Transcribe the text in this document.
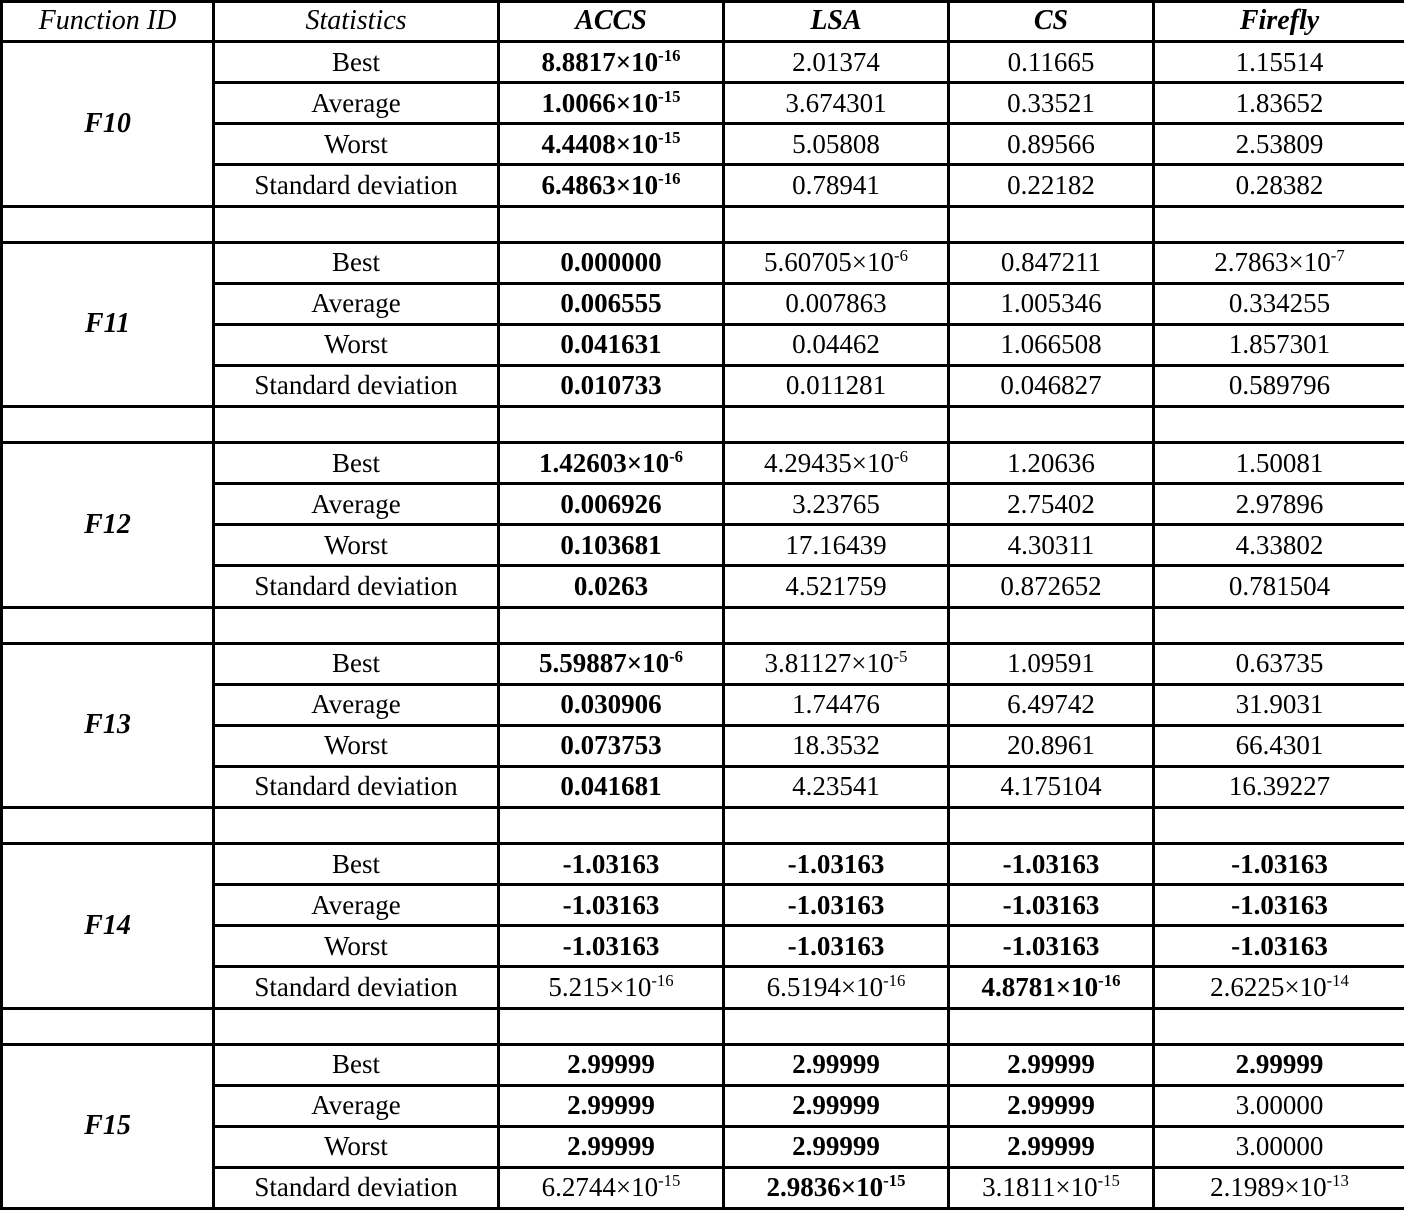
Function ID	Statistics	ACCS	LSA	CS	Firefly
F10	Best	$8.8817\times 10^{-16}$	2.01374	0.11665	1.15514
	Average	$1.0066\times 10^{-15}$	3.674301	0.33521	1.83652
	Worst	$4.4408\times 10^{-15}$	5.05808	0.89566	2.53809
	Standard deviation	$6.4863\times 10^{-16}$	0.78941	0.22182	0.28382

F11	Best	0.000000	$5.60705\times 10^{-6}$	0.847211	$2.7863\times 10^{-7}$
	Average	0.006555	0.007863	1.005346	0.334255
	Worst	0.041631	0.04462	1.066508	1.857301
	Standard deviation	0.010733	0.011281	0.046827	0.589796

F12	Best	$1.42603\times 10^{-6}$	$4.29435\times 10^{-6}$	1.20636	1.50081
	Average	0.006926	3.23765	2.75402	2.97896
	Worst	0.103681	17.16439	4.30311	4.33802
	Standard deviation	0.0263	4.521759	0.872652	0.781504

F13	Best	$5.59887\times 10^{-6}$	$3.81127\times 10^{-5}$	1.09591	0.63735
	Average	0.030906	1.74476	6.49742	31.9031
	Worst	0.073753	18.3532	20.8961	66.4301
	Standard deviation	0.041681	4.23541	4.175104	16.39227

F14	Best	-1.03163	-1.03163	-1.03163	-1.03163
	Average	-1.03163	-1.03163	-1.03163	-1.03163
	Worst	-1.03163	-1.03163	-1.03163	-1.03163
	Standard deviation	$5.215\times 10^{-16}$	$6.5194\times 10^{-16}$	$4.8781\times 10^{-16}$	$2.6225\times 10^{-14}$

F15	Best	2.99999	2.99999	2.99999	2.99999
	Average	2.99999	2.99999	2.99999	3.00000
	Worst	2.99999	2.99999	2.99999	3.00000
	Standard deviation	$6.2744\times 10^{-15}$	$2.9836\times 10^{-15}$	$3.1811\times 10^{-15}$	$2.1989\times 10^{-13}$
